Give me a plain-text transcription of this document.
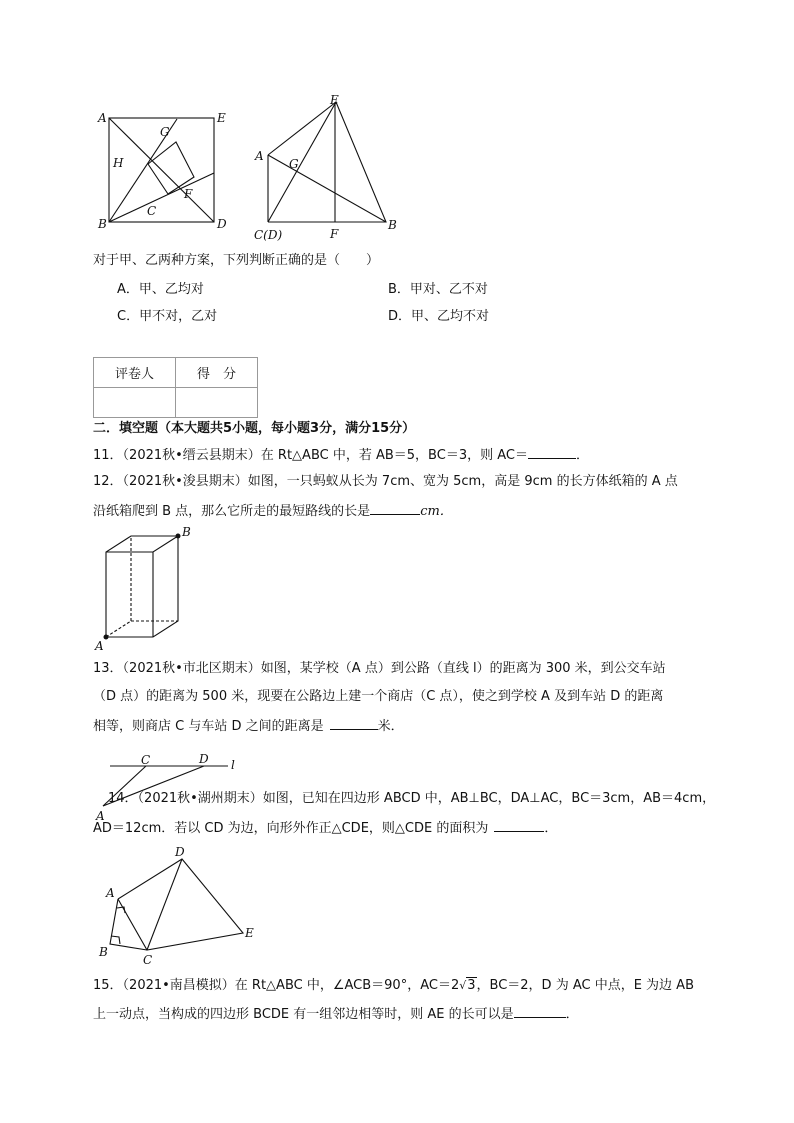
A	E
G
H
F
C
B	D
E
A
G
C(D)	F
B
对于甲、乙两种方案，下列判断正确的是（　　）
A．甲、乙均对	B．甲对、乙不对
C．甲不对，乙对	D．甲、乙均不对
评卷人	得　分

二．填空题（本大题共5小题，每小题3分，满分15分）
11．（2021秋•缙云县期末）在 Rt△ABC 中，若 AB＝5，BC＝3，则 AC＝	．
12．（2021秋•浚县期末）如图，一只蚂蚁从长为 7cm、宽为 5cm，高是 9cm 的长方体纸箱的 A 点
沿纸箱爬到 B 点，那么它所走的最短路线的长是	cm．
A
B
13．（2021秋•市北区期末）如图，某学校（A 点）到公路（直线 l）的距离为 300 米，到公交车站
（D 点）的距离为 500 米，现要在公路边上建一个商店（C 点），使之到学校 A 及到车站 D 的距离
相等，则商店 C 与车站 D 之间的距离是	米．
C	D l
A
14．（2021秋•湖州期末）如图，已知在四边形 ABCD 中，AB⊥BC，DA⊥AC，BC＝3cm，AB＝4cm，
AD＝12cm．若以 CD 为边，向形外作正△CDE，则△CDE 的面积为	．
D
A
E
B
C
15．（2021•南昌模拟）在 Rt△ABC 中，∠ACB＝90°，AC＝2√3，BC＝2，D 为 AC 中点，E 为边 AB
上一动点，当构成的四边形 BCDE 有一组邻边相等时，则 AE 的长可以是	．
